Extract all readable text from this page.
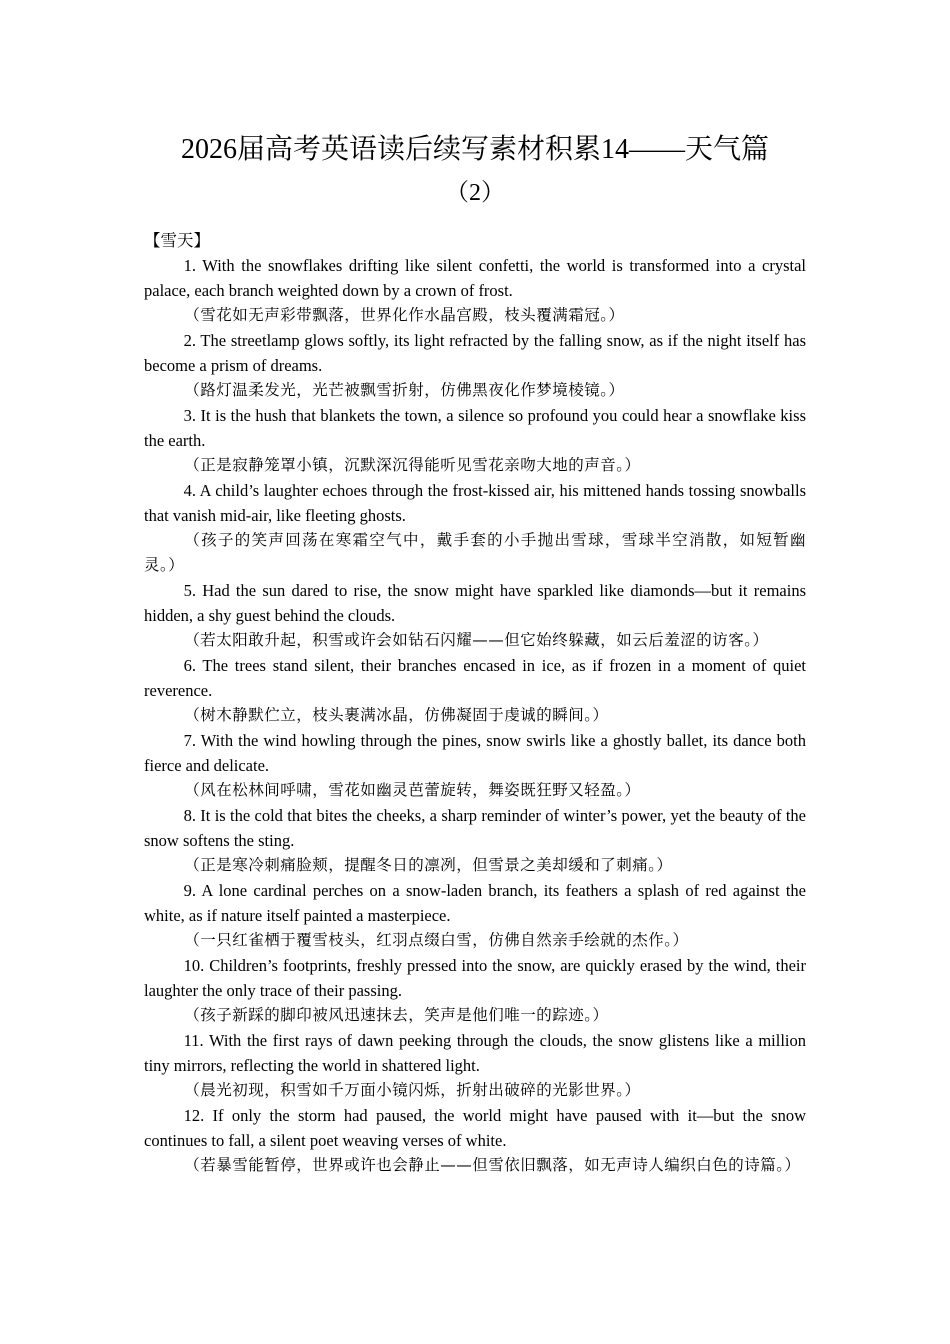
2026届高考英语读后续写素材积累14——天气篇
（2）
【雪天】

1. With the snowflakes drifting like silent confetti, the world is transformed into a crystal palace, each branch weighted down by a crown of frost.

（雪花如无声彩带飘落，世界化作水晶宫殿，枝头覆满霜冠。）

2. The streetlamp glows softly, its light refracted by the falling snow, as if the night itself has become a prism of dreams.

（路灯温柔发光，光芒被飘雪折射，仿佛黑夜化作梦境棱镜。）

3. It is the hush that blankets the town, a silence so profound you could hear a snowflake kiss the earth.

（正是寂静笼罩小镇，沉默深沉得能听见雪花亲吻大地的声音。）

4. A child’s laughter echoes through the frost-kissed air, his mittened hands tossing snowballs that vanish mid-air, like fleeting ghosts.

（孩子的笑声回荡在寒霜空气中，戴手套的小手抛出雪球，雪球半空消散，如短暂幽灵。）

5. Had the sun dared to rise, the snow might have sparkled like diamonds—but it remains hidden, a shy guest behind the clouds.

（若太阳敢升起，积雪或许会如钻石闪耀——但它始终躲藏，如云后羞涩的访客。）

6. The trees stand silent, their branches encased in ice, as if frozen in a moment of quiet reverence.

（树木静默伫立，枝头裹满冰晶，仿佛凝固于虔诚的瞬间。）

7. With the wind howling through the pines, snow swirls like a ghostly ballet, its dance both fierce and delicate.

（风在松林间呼啸，雪花如幽灵芭蕾旋转，舞姿既狂野又轻盈。）

8. It is the cold that bites the cheeks, a sharp reminder of winter’s power, yet the beauty of the snow softens the sting.

（正是寒冷刺痛脸颊，提醒冬日的凛冽，但雪景之美却缓和了刺痛。）

9. A lone cardinal perches on a snow-laden branch, its feathers a splash of red against the white, as if nature itself painted a masterpiece.

（一只红雀栖于覆雪枝头，红羽点缀白雪，仿佛自然亲手绘就的杰作。）

10. Children’s footprints, freshly pressed into the snow, are quickly erased by the wind, their laughter the only trace of their passing.

（孩子新踩的脚印被风迅速抹去，笑声是他们唯一的踪迹。）

11. With the first rays of dawn peeking through the clouds, the snow glistens like a million tiny mirrors, reflecting the world in shattered light.

（晨光初现，积雪如千万面小镜闪烁，折射出破碎的光影世界。）

12. If only the storm had paused, the world might have paused with it—but the snow continues to fall, a silent poet weaving verses of white.

（若暴雪能暂停，世界或许也会静止——但雪依旧飘落，如无声诗人编织白色的诗篇。）
